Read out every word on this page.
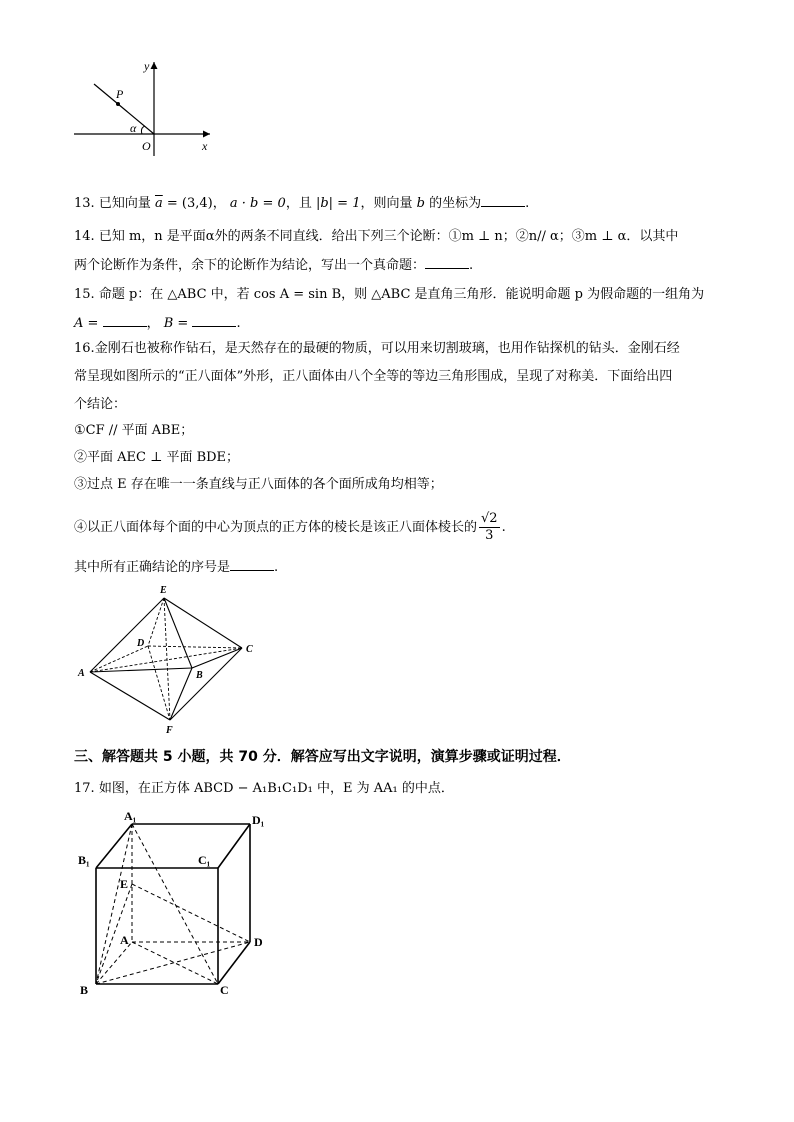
y
x
O
P
α
13. 已知向量 $\overline{a} = (3,4)$， a · b = 0，且 |b| = 1，则向量 b 的坐标为	.
14. 已知 m，n 是平面α外的两条不同直线．给出下列三个论断：①m ⊥ n；②n// α；③m ⊥ α．以其中
两个论断作为条件，余下的论断作为结论，写出一个真命题：	.
15. 命题 p：在 △ABC 中，若 cos A = sin B，则 △ABC 是直角三角形．能说明命题 p 为假命题的一组角为
A =	， B =	.
16.金刚石也被称作钻石，是天然存在的最硬的物质，可以用来切割玻璃，也用作钻探机的钻头．金刚石经
常呈现如图所示的“正八面体”外形，正八面体由八个全等的等边三角形围成，呈现了对称美．下面给出四
个结论：
①CF // 平面 ABE；
②平面 AEC ⊥ 平面 BDE；
③过点 E 存在唯一一条直线与正八面体的各个面所成角均相等；
④以正八面体每个面的中心为顶点的正方体的棱长是该正八面体棱长的 $\frac{√2}{3}$ .
其中所有正确结论的序号是	.
E
D
C
A	B
F
三、解答题共 5 小题，共 70 分．解答应写出文字说明，演算步骤或证明过程．
17. 如图，在正方体 ABCD − A₁B₁C₁D₁ 中，E 为 AA₁ 的中点．
A₁	D₁
B₁	C₁
E
A	D
B	C
